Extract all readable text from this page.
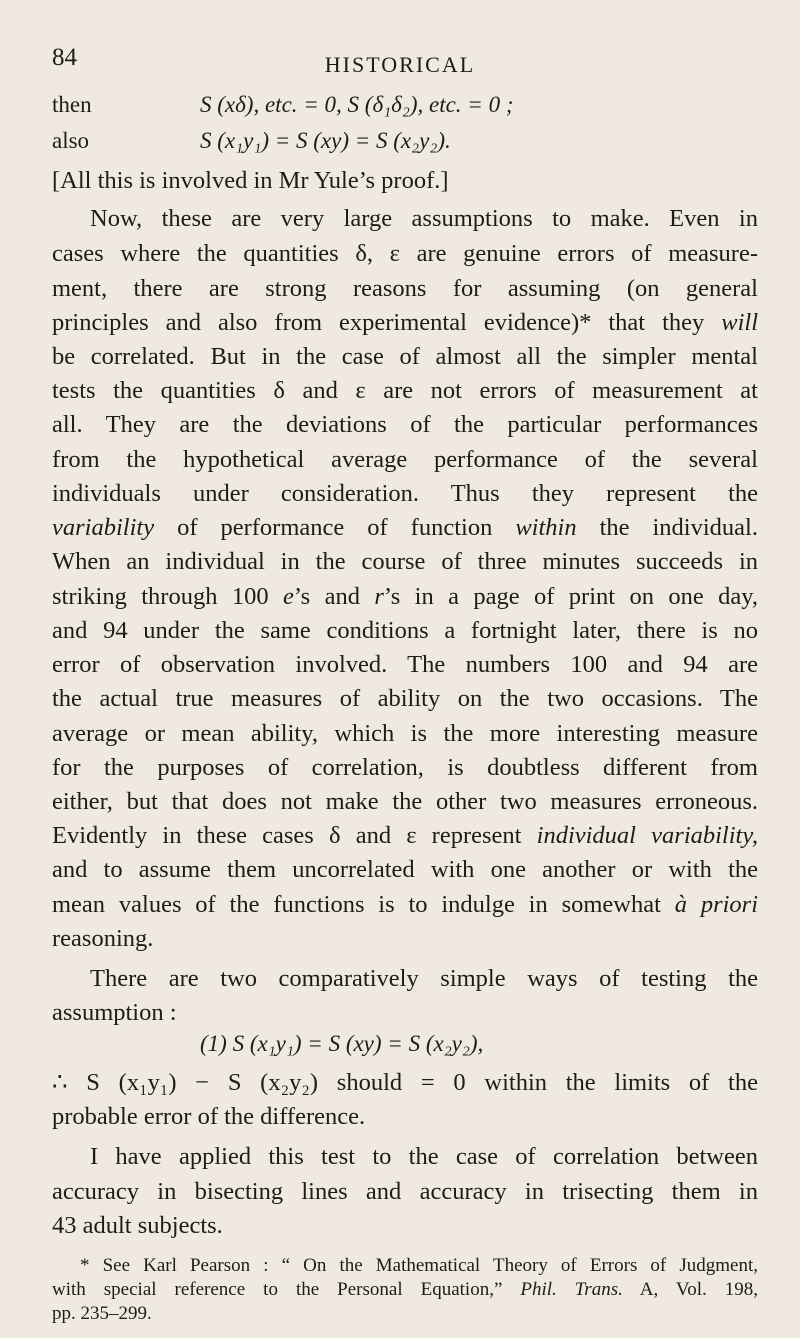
84	HISTORICAL
then	S (xδ), etc. = 0, S (δ₁δ₂), etc. = 0 ;
also	S (x₁y₁) = S (xy) = S (x₂y₂).
[All this is involved in Mr Yule’s proof.]
Now, these are very large assumptions to make. Even in
cases where the quantities δ, ε are genuine errors of measure-
ment, there are strong reasons for assuming (on general
principles and also from experimental evidence)* that they will
be correlated. But in the case of almost all the simpler mental
tests the quantities δ and ε are not errors of measurement at
all. They are the deviations of the particular performances
from the hypothetical average performance of the several
individuals under consideration. Thus they represent the
variability of performance of function within the individual.
When an individual in the course of three minutes succeeds in
striking through 100 e’s and r’s in a page of print on one day,
and 94 under the same conditions a fortnight later, there is no
error of observation involved. The numbers 100 and 94 are
the actual true measures of ability on the two occasions. The
average or mean ability, which is the more interesting measure
for the purposes of correlation, is doubtless different from
either, but that does not make the other two measures erroneous.
Evidently in these cases δ and ε represent individual variability,
and to assume them uncorrelated with one another or with the
mean values of the functions is to indulge in somewhat à priori
reasoning.
There are two comparatively simple ways of testing the
assumption :
(1) S (x₁y₁) = S (xy) = S (x₂y₂),
∴ S (x₁y₁) − S (x₂y₂) should = 0 within the limits of the
probable error of the difference.
I have applied this test to the case of correlation between
accuracy in bisecting lines and accuracy in trisecting them in
43 adult subjects.
* See Karl Pearson : “ On the Mathematical Theory of Errors of Judgment,
with special reference to the Personal Equation,” Phil. Trans. A, Vol. 198,
pp. 235–299.
